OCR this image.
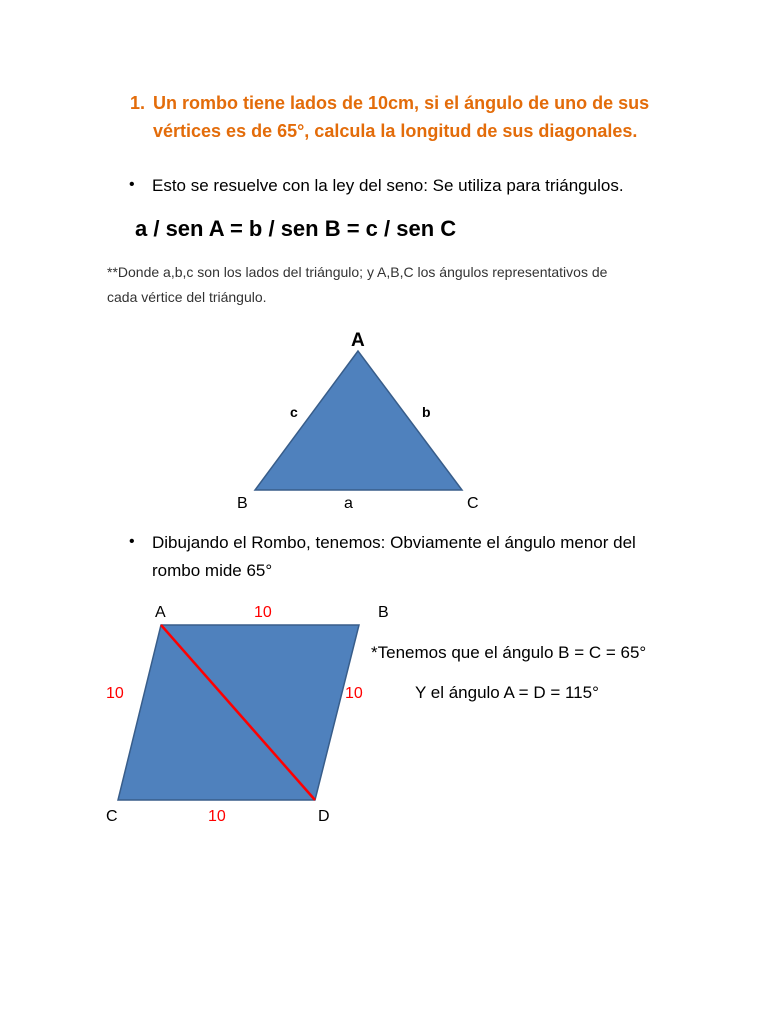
1. Un rombo tiene lados de 10cm, si el ángulo de uno de sus
vértices es de 65°, calcula la longitud de sus diagonales.
• Esto se resuelve con la ley del seno: Se utiliza para triángulos.
a / sen A = b / sen B = c / sen C
**Donde a,b,c son los lados del triángulo; y A,B,C los ángulos representativos de
cada vértice del triángulo.
A
B	C
a
b
c
• Dibujando el Rombo, tenemos: Obviamente el ángulo menor del
rombo mide 65°
A	B
C	D
10
10	10
10
*Tenemos que el ángulo B = C = 65°
Y el ángulo A = D = 115°
